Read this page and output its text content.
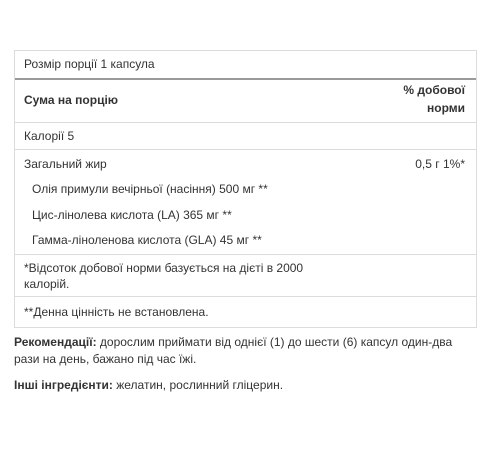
Розмір порції 1 капсула
Сума на порцію
% добової
норми
Калорії 5
Загальний жир	0,5 г 1%*
Олія примули вечірньої (насіння) 500 мг **
Цис-лінолева кислота (LA) 365 мг **
Гамма-ліноленова кислота (GLA) 45 мг **
*Відсоток добової норми базується на дієті в 2000
калорій.
**Денна цінність не встановлена.
Рекомендації: дорослим приймати від однієї (1) до шести (6) капсул один-два
рази на день, бажано під час їжі.
Інші інгредієнти: желатин, рослинний гліцерин.
